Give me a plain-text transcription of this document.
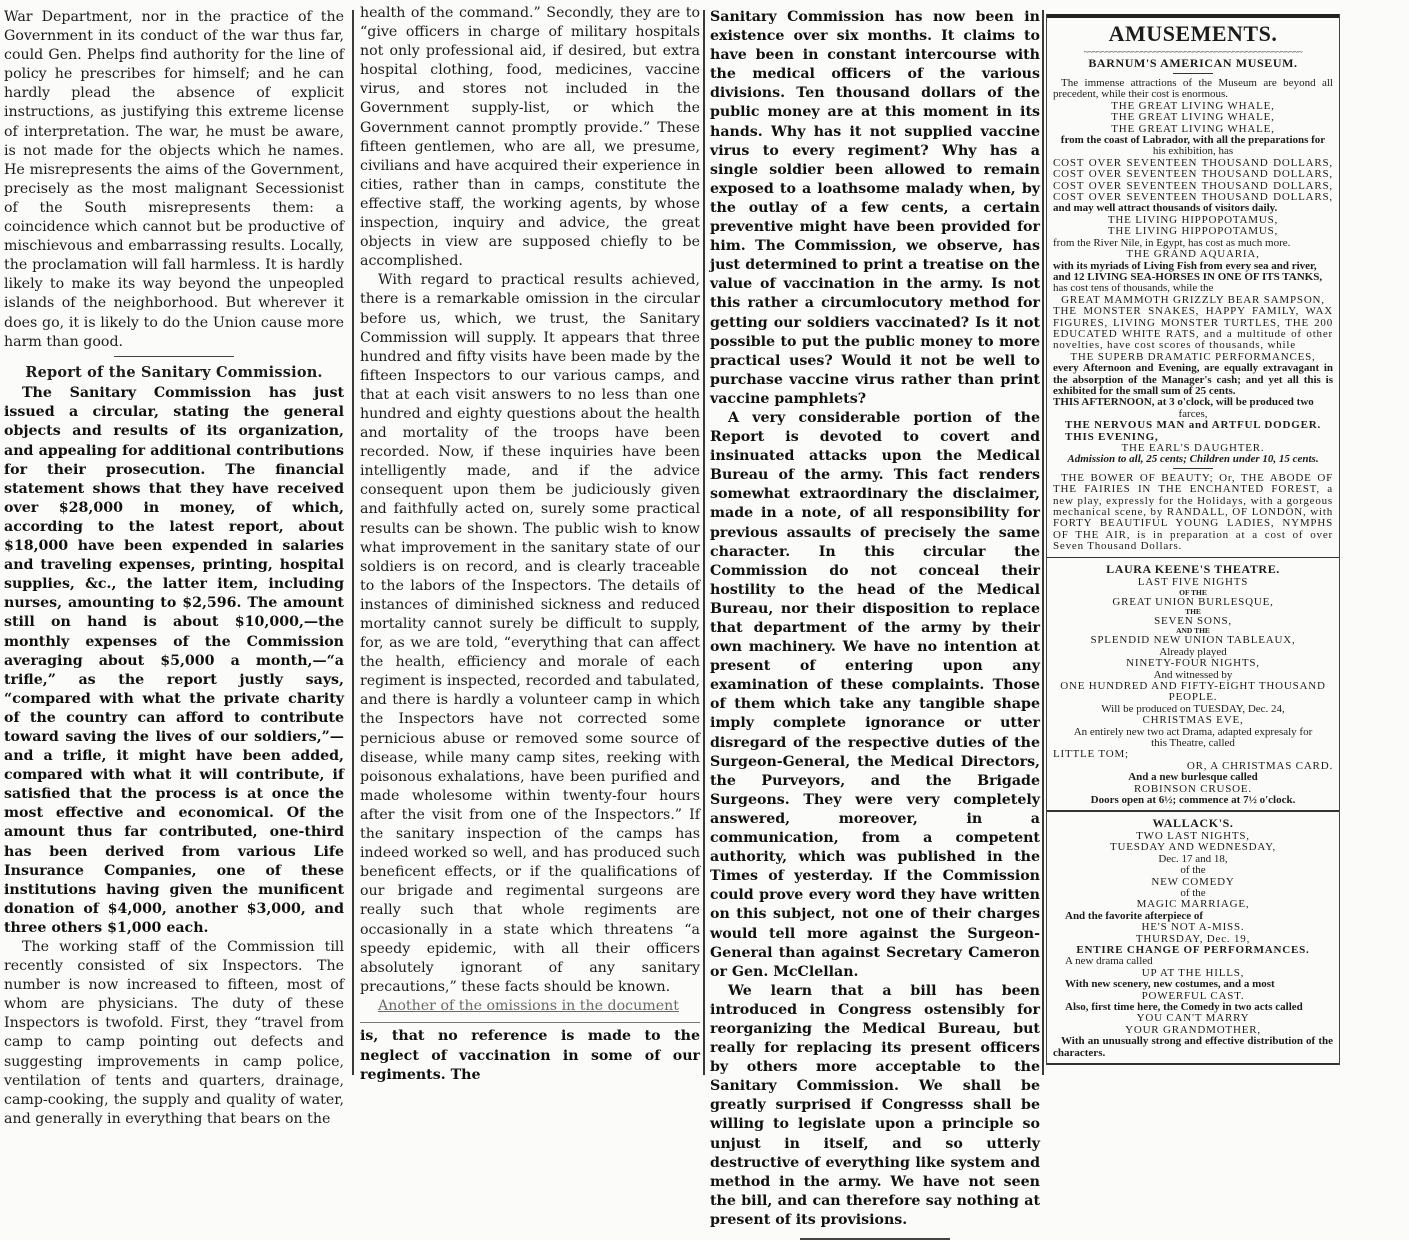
War Department, nor in the practice of the Government in its conduct of the war thus far, could Gen. Phelps find authority for the line of policy he prescribes for himself; and he can hardly plead the absence of explicit instructions, as justifying this extreme license of interpretation. The war, he must be aware, is not made for the objects which he names. He misrepresents the aims of the Government, precisely as the most malignant Secessionist of the South misrepresents them: a coincidence which cannot but be productive of mischievous and embarrassing results. Locally, the proclamation will fall harmless. It is hardly likely to make its way beyond the unpeopled islands of the neighborhood. But wherever it does go, it is likely to do the Union cause more harm than good.

Report of the Sanitary Commission.

The Sanitary Commission has just issued a circular, stating the general objects and results of its organization, and appealing for additional contributions for their prosecution. The financial statement shows that they have received over $28,000 in money, of which, according to the latest report, about $18,000 have been expended in salaries and traveling expenses, printing, hospital supplies, &c., the latter item, including nurses, amounting to $2,596. The amount still on hand is about $10,000,—the monthly expenses of the Commission averaging about $5,000 a month,—“a trifle,” as the report justly says, “compared with what the private charity of the country can afford to contribute toward saving the lives of our soldiers,”—and a trifle, it might have been added, compared with what it will contribute, if satisfied that the process is at once the most effective and economical. Of the amount thus far contributed, one-third has been derived from various Life Insurance Companies, one of these institutions having given the munificent donation of $4,000, another $3,000, and three others $1,000 each.

The working staff of the Commission till recently consisted of six Inspectors. The number is now increased to fifteen, most of whom are physicians. The duty of these Inspectors is twofold. First, they “travel from camp to camp pointing out defects and suggesting improvements in camp police, ventilation of tents and quarters, drainage, camp-cooking, the supply and quality of water, and generally in everything that bears on the

health of the command.” Secondly, they are to “give officers in charge of military hospitals not only professional aid, if desired, but extra hospital clothing, food, medicines, vaccine virus, and stores not included in the Government supply-list, or which the Government cannot promptly provide.” These fifteen gentlemen, who are all, we presume, civilians and have acquired their experience in cities, rather than in camps, constitute the effective staff, the working agents, by whose inspection, inquiry and advice, the great objects in view are supposed chiefly to be accomplished.

With regard to practical results achieved, there is a remarkable omission in the circular before us, which, we trust, the Sanitary Commission will supply. It appears that three hundred and fifty visits have been made by the fifteen Inspectors to our various camps, and that at each visit answers to no less than one hundred and eighty questions about the health and mortality of the troops have been recorded. Now, if these inquiries have been intelligently made, and if the advice consequent upon them be judiciously given and faithfully acted on, surely some practical results can be shown. The public wish to know what improvement in the sanitary state of our soldiers is on record, and is clearly traceable to the labors of the Inspectors. The details of instances of diminished sickness and reduced mortality cannot surely be difficult to supply, for, as we are told, “everything that can affect the health, efficiency and morale of each regiment is inspected, recorded and tabulated, and there is hardly a volunteer camp in which the Inspectors have not corrected some pernicious abuse or removed some source of disease, while many camp sites, reeking with poisonous exhalations, have been purified and made wholesome within twenty-four hours after the visit from one of the Inspectors.” If the sanitary inspection of the camps has indeed worked so well, and has produced such beneficent effects, or if the qualifications of our brigade and regimental surgeons are really such that whole regiments are occasionally in a state which threatens “a speedy epidemic, with all their officers absolutely ignorant of any sanitary precautions,” these facts should be known.

Another of the omissions in the document

is, that no reference is made to the neglect of vaccination in some of our regiments. The

Sanitary Commission has now been in existence over six months. It claims to have been in constant intercourse with the medical officers of the various divisions. Ten thousand dollars of the public money are at this moment in its hands. Why has it not supplied vaccine virus to every regiment? Why has a single soldier been allowed to remain exposed to a loathsome malady when, by the outlay of a few cents, a certain preventive might have been provided for him. The Commission, we observe, has just determined to print a treatise on the value of vaccination in the army. Is not this rather a circumlocutory method for getting our soldiers vaccinated? Is it not possible to put the public money to more practical uses? Would it not be well to purchase vaccine virus rather than print vaccine pamphlets?

A very considerable portion of the Report is devoted to covert and insinuated attacks upon the Medical Bureau of the army. This fact renders somewhat extraordinary the disclaimer, made in a note, of all responsibility for previous assaults of precisely the same character. In this circular the Commission do not conceal their hostility to the head of the Medical Bureau, nor their disposition to replace that department of the army by their own machinery. We have no intention at present of entering upon any examination of these complaints. Those of them which take any tangible shape imply complete ignorance or utter disregard of the respective duties of the Surgeon-General, the Medical Directors, the Purveyors, and the Brigade Surgeons. They were very completely answered, moreover, in a communication, from a competent authority, which was published in the Times of yesterday. If the Commission could prove every word they have written on this subject, not one of their charges would tell more against the Surgeon-General than against Secretary Cameron or Gen. McClellan.

We learn that a bill has been introduced in Congress ostensibly for reorganizing the Medical Bureau, but really for replacing its present officers by others more acceptable to the Sanitary Commission. We shall be greatly surprised if Congresss shall be willing to legislate upon a principle so unjust in itself, and so utterly destructive of everything like system and method in the army. We have not seen the bill, and can therefore say nothing at present of its provisions.

AMUSEMENTS.
~~~~~~~~~~~~~~~~~~~~~~~~~~~~~~~~~~~~~~~~~~~~~~~~~~
BARNUM'S AMERICAN MUSEUM.
The immense attractions of the Museum are beyond all precedent, while their cost is enormous.
THE GREAT LIVING WHALE,
THE GREAT LIVING WHALE,
THE GREAT LIVING WHALE,
from the coast of Labrador, with all the preparations for
his exhibition, has
COST OVER SEVENTEEN THOUSAND DOLLARS,
COST OVER SEVENTEEN THOUSAND DOLLARS,
COST OVER SEVENTEEN THOUSAND DOLLARS,
COST OVER SEVENTEEN THOUSAND DOLLARS,
and may well attract thousands of visitors daily.
THE LIVING HIPPOPOTAMUS,
THE LIVING HIPPOPOTAMUS,
from the River Nile, in Egypt, has cost as much more.
THE GRAND AQUARIA,
with its myriads of Living Fish from every sea and river,
and 12 LIVING SEA-HORSES IN ONE OF ITS TANKS,
has cost tens of thousands, while the
GREAT MAMMOTH GRIZZLY BEAR SAMPSON,
THE MONSTER SNAKES, HAPPY FAMILY, WAX FIGURES, LIVING MONSTER TURTLES, THE 200 EDUCATED WHITE RATS, and a multitude of other novelties, have cost scores of thousands, while
THE SUPERB DRAMATIC PERFORMANCES,
every Afternoon and Evening, are equally extravagant in the absorption of the Manager's cash; and yet all this is exhibited for the small sum of 25 cents.
THIS AFTERNOON, at 3 o'clock, will be produced two
farces,
THE NERVOUS MAN and ARTFUL DODGER.
THIS EVENING,
THE EARL'S DAUGHTER.
Admission to all, 25 cents; Children under 10, 15 cents.
THE BOWER OF BEAUTY; Or, THE ABODE OF THE FAIRIES IN THE ENCHANTED FOREST, a new play, expressly for the Holidays, with a gorgeous mechanical scene, by RANDALL, OF LONDON, with FORTY BEAUTIFUL YOUNG LADIES, NYMPHS OF THE AIR, is in preparation at a cost of over Seven Thousand Dollars.
LAURA KEENE'S THEATRE.
LAST FIVE NIGHTS
OF THE
GREAT UNION BURLESQUE,
THE
SEVEN SONS,
AND THE
SPLENDID NEW UNION TABLEAUX,
Already played
NINETY-FOUR NIGHTS,
And witnessed by
ONE HUNDRED AND FIFTY-EIGHT THOUSAND
PEOPLE.
Will be produced on TUESDAY, Dec. 24,
CHRISTMAS EVE,
An entirely new two act Drama, adapted expresaly for
this Theatre, called
LITTLE TOM;
OR, A CHRISTMAS CARD.
And a new burlesque called
ROBINSON CRUSOE.
Doors open at 6½; commence at 7½ o'clock.
WALLACK'S.
TWO LAST NIGHTS,
TUESDAY AND WEDNESDAY,
Dec. 17 and 18,
of the
NEW COMEDY
of the
MAGIC MARRIAGE,
And the favorite afterpiece of
HE'S NOT A-MISS.
THURSDAY, Dec. 19,
ENTIRE CHANGE OF PERFORMANCES.
A new drama called
UP AT THE HILLS,
With new scenery, new costumes, and a most
POWERFUL CAST.
Also, first time here, the Comedy in two acts called
YOU CAN'T MARRY
YOUR GRANDMOTHER,
With an unusually strong and effective distribution of the characters.
